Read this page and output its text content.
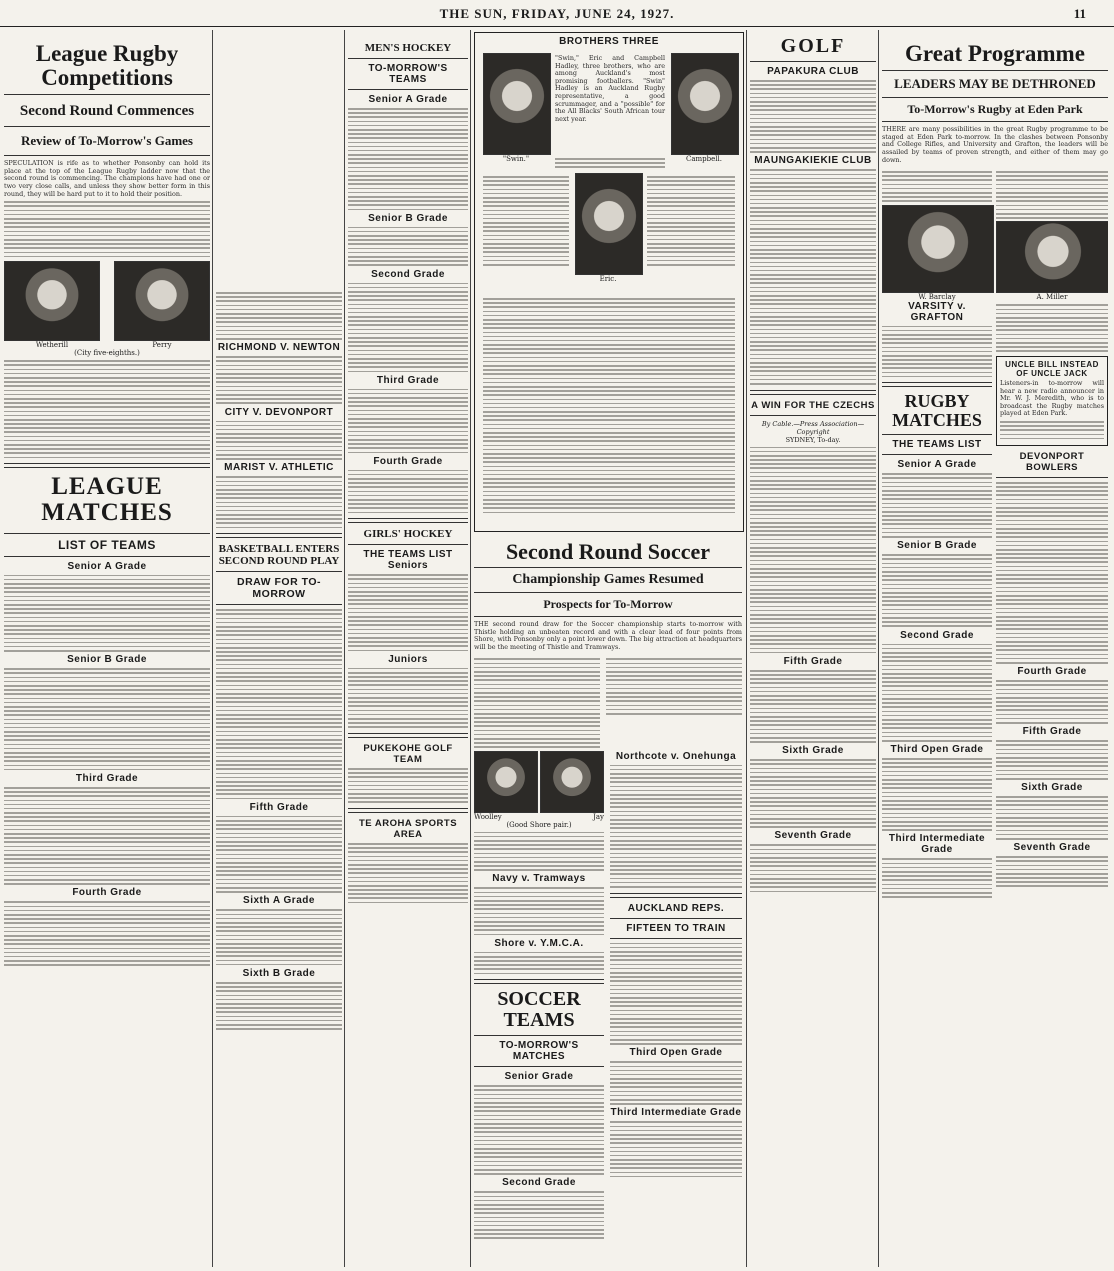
THE SUN, FRIDAY, JUNE 24, 1927.	11
League Rugby Competitions
Second Round Commences
Review of To-Morrow's Games
SPECULATION is rife as to whether Ponsonby can hold its place at the top of the League Rugby ladder now that the second round is commencing. The champions have had one or two very close calls, and unless they show better form in this round, they will be hard put to it to hold their position.
Wetherill	Perry
(City five-eighths.)
LEAGUE MATCHES
LIST OF TEAMS
Senior A Grade
Senior B Grade
Third Grade
Fourth Grade
RICHMOND V. NEWTON
CITY V. DEVONPORT
MARIST V. ATHLETIC
BASKETBALL ENTERS SECOND ROUND PLAY
DRAW FOR TO-MORROW
Fifth Grade
Sixth A Grade
Sixth B Grade
MEN'S HOCKEY
TO-MORROW'S TEAMS
Senior A Grade
Senior B Grade
Second Grade
Third Grade
Fourth Grade
GIRLS' HOCKEY
THE TEAMS LIST
Seniors
Juniors
PUKEKOHE GOLF TEAM
TE AROHA SPORTS AREA
BROTHERS THREE
"Swin."	Campbell.
"Swin," Eric and Campbell Hadley, three brothers, who are among Auckland's most promising footballers. "Swin" Hadley is an Auckland Rugby representative, a good scrummager, and a "possible" for the All Blacks' South African tour next year.
Eric.
Second Round Soccer
Championship Games Resumed
Prospects for To-Morrow
THE second round draw for the Soccer championship starts to-morrow with Thistle holding an unbeaten record and with a clear lead of four points from Shore, with Ponsonby only a point lower down. The big attraction at headquarters will be the meeting of Thistle and Tramways.
Woolley	Jay
(Good Shore pair.)
Navy v. Tramways
Shore v. Y.M.C.A.
SOCCER TEAMS
TO-MORROW'S MATCHES
Senior Grade
Second Grade
Northcote v. Onehunga
AUCKLAND REPS.
FIFTEEN TO TRAIN
Third Open Grade
Third Intermediate Grade
GOLF
PAPAKURA CLUB
MAUNGAKIEKIE CLUB
A WIN FOR THE CZECHS
By Cable.—Press Association—Copyright
SYDNEY, To-day.
Fifth Grade
Sixth Grade
Seventh Grade
Great Programme
LEADERS MAY BE DETHRONED
To-Morrow's Rugby at Eden Park
THERE are many possibilities in the great Rugby programme to be staged at Eden Park to-morrow. In the clashes between Ponsonby and College Rifles, and University and Grafton, the leaders will be assailed by teams of proven strength, and either of them may go down.
W. Barclay
VARSITY v. GRAFTON
RUGBY MATCHES
THE TEAMS LIST
Senior A Grade
Senior B Grade
Second Grade
Third Open Grade
Third Intermediate Grade
A. Miller
UNCLE BILL INSTEAD OF UNCLE JACK
Listeners-in to-morrow will hear a new radio announcer in Mr. W. J. Meredith, who is to broadcast the Rugby matches played at Eden Park.
DEVONPORT BOWLERS
Fourth Grade
Fifth Grade
Sixth Grade
Seventh Grade
